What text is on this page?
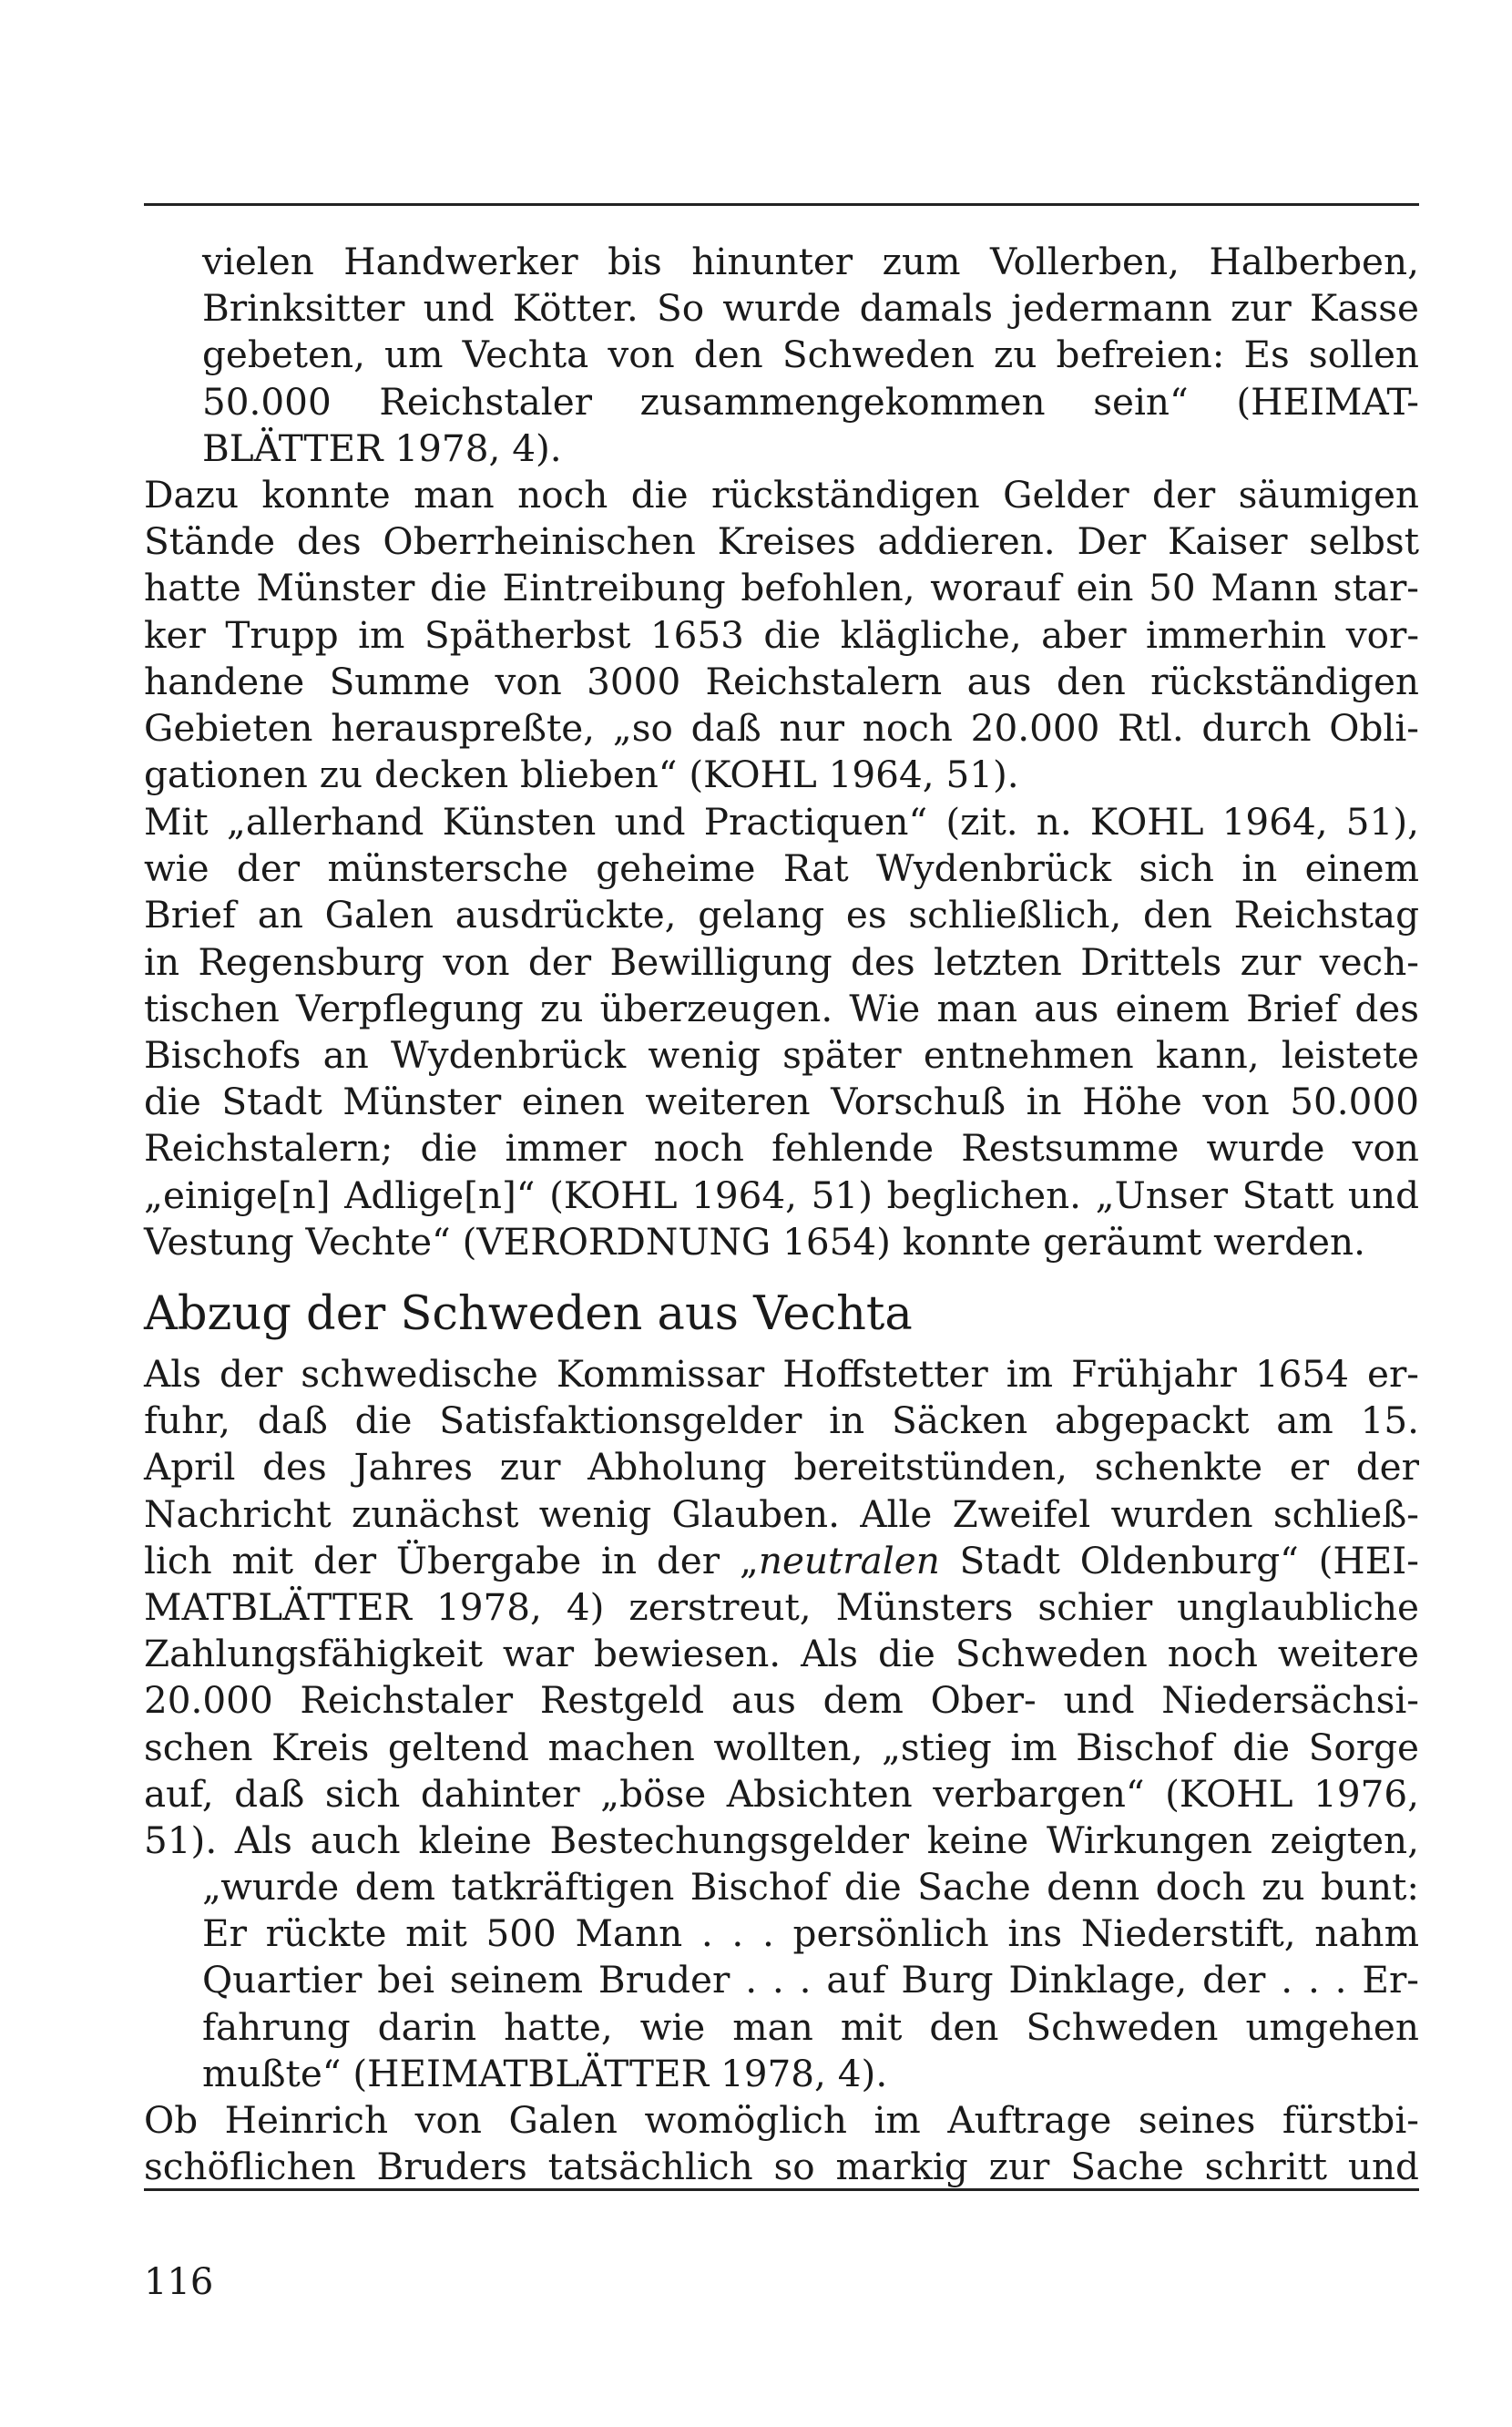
vielen Handwerker bis hinunter zum Vollerben, Halberben,
Brinksitter und Kötter. So wurde damals jedermann zur Kasse
gebeten, um Vechta von den Schweden zu befreien: Es sollen
50.000 Reichstaler zusammengekommen sein“ (HEIMAT-
BLÄTTER 1978, 4).
Dazu konnte man noch die rückständigen Gelder der säumigen
Stände des Oberrheinischen Kreises addieren. Der Kaiser selbst
hatte Münster die Eintreibung befohlen, worauf ein 50 Mann star-
ker Trupp im Spätherbst 1653 die klägliche, aber immerhin vor-
handene Summe von 3000 Reichstalern aus den rückständigen
Gebieten herauspreßte, „so daß nur noch 20.000 Rtl. durch Obli-
gationen zu decken blieben“ (KOHL 1964, 51).
Mit „allerhand Künsten und Practiquen“ (zit. n. KOHL 1964, 51),
wie der münstersche geheime Rat Wydenbrück sich in einem
Brief an Galen ausdrückte, gelang es schließlich, den Reichstag
in Regensburg von der Bewilligung des letzten Drittels zur vech-
tischen Verpflegung zu überzeugen. Wie man aus einem Brief des
Bischofs an Wydenbrück wenig später entnehmen kann, leistete
die Stadt Münster einen weiteren Vorschuß in Höhe von 50.000
Reichstalern; die immer noch fehlende Restsumme wurde von
„einige[n] Adlige[n]“ (KOHL 1964, 51) beglichen. „Unser Statt und
Vestung Vechte“ (VERORDNUNG 1654) konnte geräumt werden.
Abzug der Schweden aus Vechta
Als der schwedische Kommissar Hoffstetter im Frühjahr 1654 er-
fuhr, daß die Satisfaktionsgelder in Säcken abgepackt am 15.
April des Jahres zur Abholung bereitstünden, schenkte er der
Nachricht zunächst wenig Glauben. Alle Zweifel wurden schließ-
lich mit der Übergabe in der „neutralen Stadt Oldenburg“ (HEI-
MATBLÄTTER 1978, 4) zerstreut, Münsters schier unglaubliche
Zahlungsfähigkeit war bewiesen. Als die Schweden noch weitere
20.000 Reichstaler Restgeld aus dem Ober- und Niedersächsi-
schen Kreis geltend machen wollten, „stieg im Bischof die Sorge
auf, daß sich dahinter „böse Absichten verbargen“ (KOHL 1976,
51). Als auch kleine Bestechungsgelder keine Wirkungen zeigten,
„wurde dem tatkräftigen Bischof die Sache denn doch zu bunt:
Er rückte mit 500 Mann . . . persönlich ins Niederstift, nahm
Quartier bei seinem Bruder . . . auf Burg Dinklage, der . . . Er-
fahrung darin hatte, wie man mit den Schweden umgehen
mußte“ (HEIMATBLÄTTER 1978, 4).
Ob Heinrich von Galen womöglich im Auftrage seines fürstbi-
schöflichen Bruders tatsächlich so markig zur Sache schritt und
116
